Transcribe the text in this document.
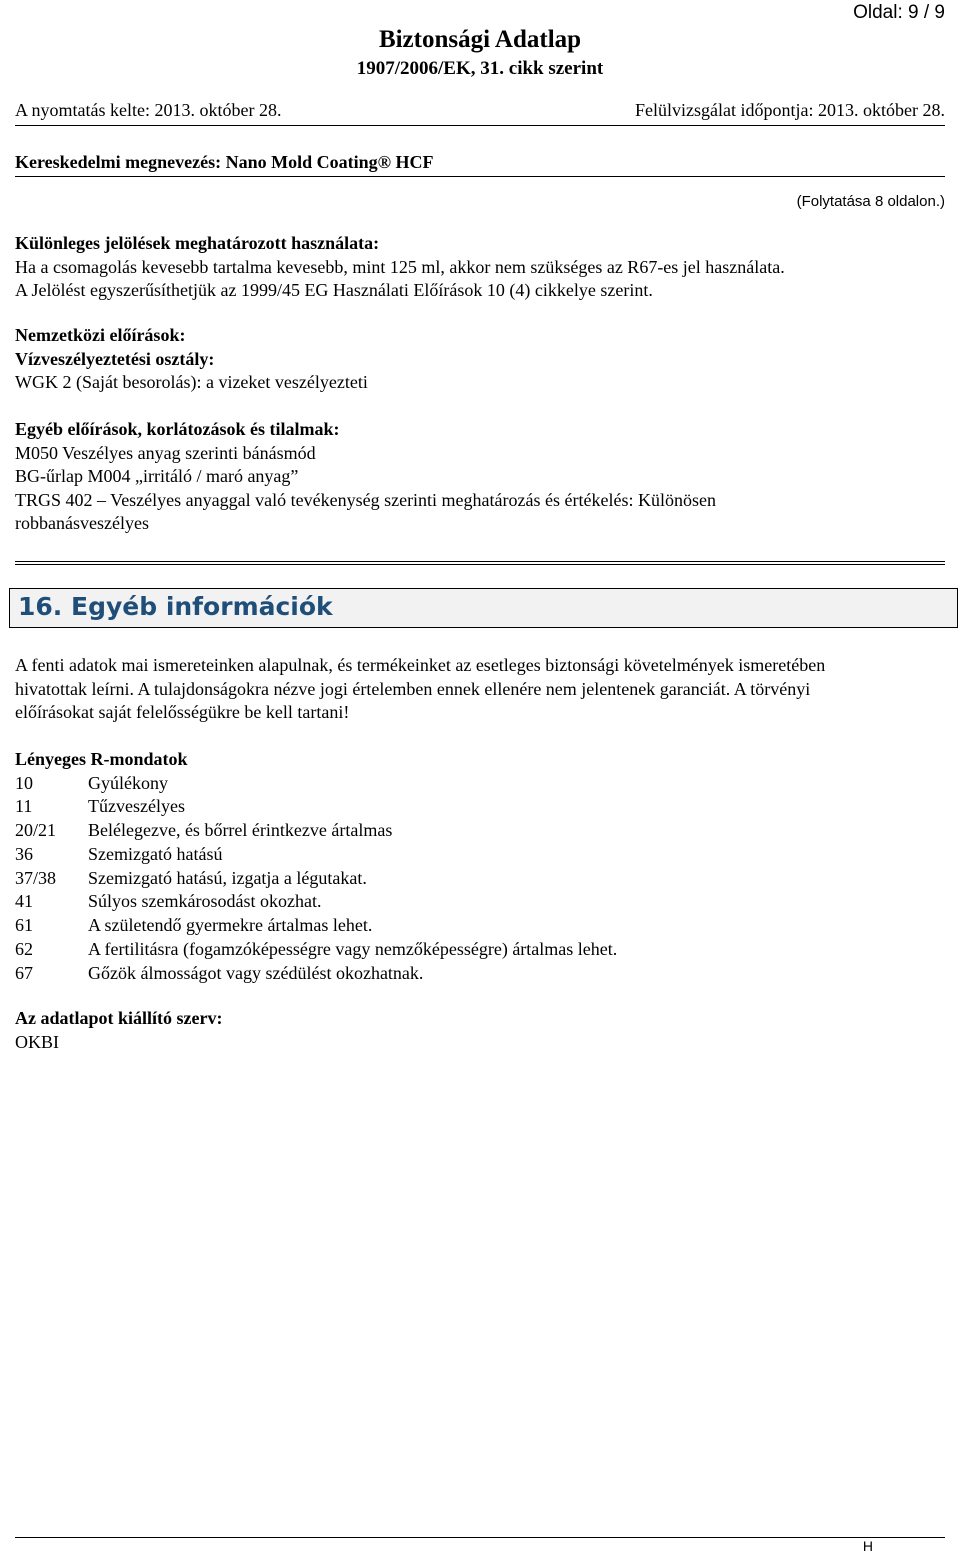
Oldal: 9 / 9
Biztonsági Adatlap
1907/2006/EK, 31. cikk szerint
A nyomtatás kelte: 2013. október 28.	Felülvizsgálat időpontja: 2013. október 28.
Kereskedelmi megnevezés: Nano Mold Coating® HCF
(Folytatása 8 oldalon.)
Különleges jelölések meghatározott használata:
Ha a csomagolás kevesebb tartalma kevesebb, mint 125 ml, akkor nem szükséges az R67-es jel használata.
A Jelölést egyszerűsíthetjük az 1999/45 EG Használati Előírások 10 (4) cikkelye szerint.
Nemzetközi előírások:
Vízveszélyeztetési osztály:
WGK 2 (Saját besorolás): a vizeket veszélyezteti
Egyéb előírások, korlátozások és tilalmak:
M050 Veszélyes anyag szerinti bánásmód
BG-űrlap M004 „irritáló / maró anyag”
TRGS 402 – Veszélyes anyaggal való tevékenység szerinti meghatározás és értékelés: Különösen
robbanásveszélyes
16. Egyéb információk
A fenti adatok mai ismereteinken alapulnak, és termékeinket az esetleges biztonsági követelmények ismeretében
hivatottak leírni. A tulajdonságokra nézve jogi értelemben ennek ellenére nem jelentenek garanciát. A törvényi
előírásokat saját felelősségükre be kell tartani!
Lényeges R-mondatok
10	Gyúlékony
11	Tűzveszélyes
20/21	Belélegezve, és bőrrel érintkezve ártalmas
36	Szemizgató hatású
37/38	Szemizgató hatású, izgatja a légutakat.
41	Súlyos szemkárosodást okozhat.
61	A születendő gyermekre ártalmas lehet.
62	A fertilitásra (fogamzóképességre vagy nemzőképességre) ártalmas lehet.
67	Gőzök álmosságot vagy szédülést okozhatnak.
Az adatlapot kiállító szerv:
OKBI
H
